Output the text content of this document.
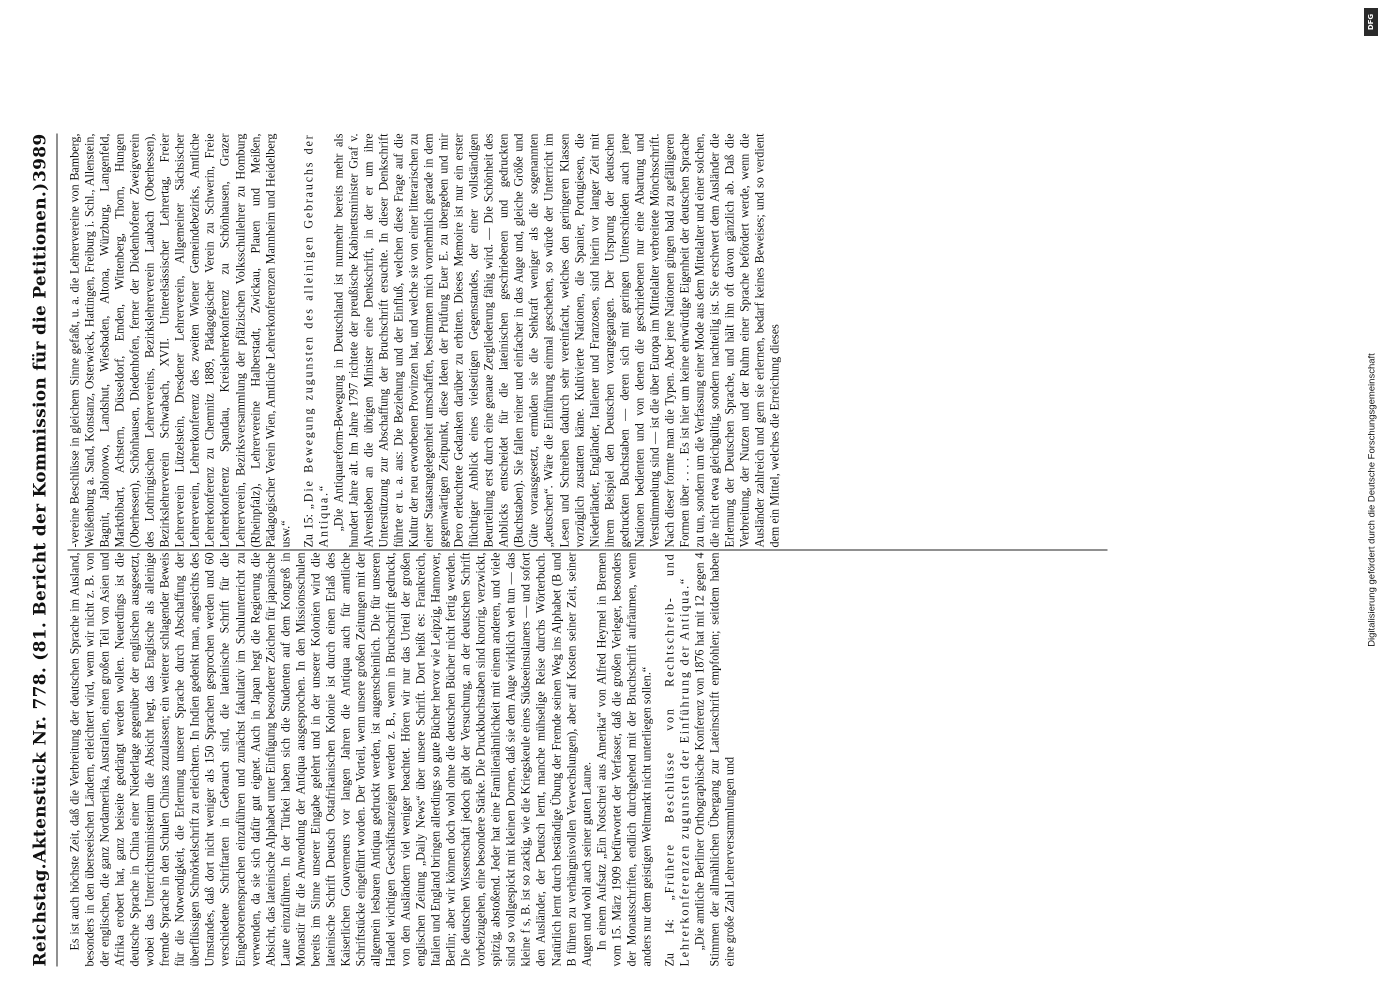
Reichstag.
Aktenstück Nr. 778. (81. Bericht der Kommission für die Petitionen.)
3989

Es ist auch höchste Zeit, daß die Verbreitung der deutschen Sprache im Ausland, besonders in den überseeischen Ländern, erleichtert wird, wenn wir nicht z. B. von der englischen, die ganz Nordamerika, Australien, einen großen Teil von Asien und Afrika erobert hat, ganz beiseite gedrängt werden wollen. Neuerdings ist die deutsche Sprache in China einer Niederlage gegenüber der englischen ausgesetzt, wobei das Unterrichtsministerium die Absicht hegt, das Englische als alleinige fremde Sprache in den Schulen Chinas zuzulassen; ein weiterer schlagender Beweis für die Notwendigkeit, die Erlernung unserer Sprache durch Abschaffung der überflüssigen Schnörkelschrift zu erleichtern. In Indien gedenkt man, angesichts des Umstandes, daß dort nicht weniger als 150 Sprachen gesprochen werden und 60 verschiedene Schriftarten in Gebrauch sind, die lateinische Schrift für die Eingeborenensprachen einzuführen und zunächst fakultativ im Schulunterricht zu verwenden, da sie sich dafür gut eignet. Auch in Japan hegt die Regierung die Absicht, das lateinische Alphabet unter Einfügung besonderer Zeichen für japanische Laute einzuführen. In der Türkei haben sich die Studenten auf dem Kongreß in Monastir für die Anwendung der Antiqua ausgesprochen. In den Missionsschulen bereits im Sinne unserer Eingabe gelehrt und in der unserer Kolonien wird die lateinische Schrift Deutsch Ostafrikanischen Kolonie ist durch einen Erlaß des Kaiserlichen Gouverneurs vor langen Jahren die Antiqua auch für amtliche Schriftstücke eingeführt worden. Der Vorteil, wenn unsere großen Zeitungen mit der allgemein lesbaren Antiqua gedruckt werden, ist augenscheinlich. Die für unseren Handel wichtigen Geschäftsanzeigen werden z. B., wenn in Bruchschrift gedruckt, von den Ausländern viel weniger beachtet. Hören wir nur das Urteil der großen englischen Zeitung „Daily News“ über unsere Schrift. Dort heißt es: Frankreich, Italien und England bringen allerdings so gute Bücher hervor wie Leipzig, Hannover, Berlin; aber wir können doch wohl ohne die deutschen Bücher nicht fertig werden. Die deutschen Wissenschaft jedoch gibt der Versuchung, an der deutschen Schrift vorbeizugehen, eine besondere Stärke. Die Druckbuchstaben sind knorrig, verzwickt, spitzig, abstoßend. Jeder hat eine Familienähnlichkeit mit einem anderen, und viele sind so vollgespickt mit kleinen Dornen, daß sie dem Auge wirklich weh tun — das kleine f s, B. ist so zackig, wie die Kriegskeule eines Südseeinsulaners — und sofort den Ausländer, der Deutsch lernt, manche mühselige Reise durchs Wörterbuch. Natürlich lernt durch beständige Übung der Fremde seinen Weg ins Alphabet (B und B führen zu verhängnisvollen Verwechslungen), aber auf Kosten seiner Zeit, seiner Augen und wohl auch seiner guten Laune. In einem Aufsatz „Ein Notschrei aus Amerika“ von Alfred Heymel in Bremen vom 15. März 1909 befürwortet der Verfasser, daß die großen Verleger, besonders der Monatsschriften, endlich durchgehend mit der Bruchschrift aufräumen, wenn anders nur dem geistigen Weltmarkt nicht unterliegen sollen.“ Zu 14: „Frühere Beschlüsse von Rechtschreib- und Lehrerkonferenzen zugunsten der Einführung der Antiqua.“ „Die amtliche Berliner Orthographische Konferenz von 1876 hat mit 12 gegen 4 Stimmen der allmählichen Übergang zur Lateinschrift empfohlen; seitdem haben eine große Zahl Lehrerversammlungen und

-vereine Beschlüsse in gleichem Sinne gefaßt, u. a. die Lehrervereine von Bamberg, Weißenburg a. Sand, Konstanz, Osterwieck, Hattingen, Freiburg i. Schl., Allenstein, Bagnit, Jablonowo, Landshut, Wiesbaden, Altona, Würzburg, Langenfeld, Marktbibart, Achstern, Düsseldorf, Emden, Wittenberg, Thorn, Hungen (Oberhessen), Schönhausen, Diedenhofen, ferner der Diedenhofener Zweigverein des Lothringischen Lehrervereins, Bezirkslehrerverein Laubach (Oberhessen), Bezirkslehrerverein Schwabach, XVII. Unterelsässischer Lehrertag, Freier Lehrerverein Lützelstein, Dresdener Lehrerverein, Allgemeiner Sächsischer Lehrerverein, Lehrerkonferenz des zweiten Wiener Gemeindebezirks, Amtliche Lehrerkonferenz zu Chemnitz 1889, Pädagogischer Verein zu Schwerin, Freie Lehrerkonferenz Spandau, Kreislehrerkonferenz zu Schönhausen, Grazer Lehrerverein, Bezirksversammlung der pfälzischen Volksschullehrer zu Homburg (Rheinpfalz), Lehrervereine Halberstadt, Zwickau, Plauen und Meißen, Pädagogischer Verein Wien, Amtliche Lehrerkonferenzen Mannheim und Heidelberg usw.“ Zu 15: „Die Bewegung zugunsten des alleinigen Gebrauchs der Antiqua.“ „Die Antiquareform-Bewegung in Deutschland ist nunmehr bereits mehr als hundert Jahre alt. Im Jahre 1797 richtete der preußische Kabinettsminister Graf v. Alvensleben an die übrigen Minister eine Denkschrift, in der er um ihre Unterstützung zur Abschaffung der Bruchschrift ersuchte. In dieser Denkschrift führte er u. a. aus: Die Beziehung und der Einfluß, welchen diese Frage auf die Kultur der neu erworbenen Provinzen hat, und welche sie von einer litterarischen zu einer Staatsangelegenheit umschaffen, bestimmen mich vornehmlich gerade in dem gegenwärtigen Zeitpunkt, diese Ideen der Prüfung Euer E. zu übergeben und mir Dero erleuchtete Gedanken darüber zu erbitten. Dieses Memoire ist nur ein erster flüchtiger Anblick eines vielseitigen Gegenstandes, der einer vollständigen Beurteilung erst durch eine genaue Zergliederung fähig wird. — Die Schönheit des Anblicks entscheidet für die lateinischen geschriebenen und gedruckten (Buchstaben). Sie fallen reiner und einfacher in das Auge und, gleiche Größe und Güte vorausgesetzt, ermüden sie die Sehkraft weniger als die sogenannten „deutschen“. Wäre die Einführung einmal geschehen, so würde der Unterricht im Lesen und Schreiben dadurch sehr vereinfacht, welches den geringeren Klassen vorzüglich zustatten käme. Kultivierte Nationen, die Spanier, Portugiesen, die Niederländer, Engländer, Italiener und Franzosen, sind hierin vor langer Zeit mit ihrem Beispiel den Deutschen vorangegangen. Der Ursprung der deutschen gedruckten Buchstaben — deren sich mit geringen Unterschieden auch jene Nationen bedienten und von denen die geschriebenen nur eine Abartung und Verstümmelung sind — ist die über Europa im Mittelalter verbreitete Mönchsschrift. Nach dieser formte man die Typen. Aber jene Nationen gingen bald zu gefälligeren Formen über . . . . Es ist hier um keine ehrwürdige Eigenheit der deutschen Sprache zu tun, sondern um die Verfassung einer Mode aus dem Mittelalter und einer solchen, die nicht etwa gleichgültig, sondern nachteilig ist. Sie erschwert dem Ausländer die Erlernung der Deutschen Sprache, und hält ihn oft davon gänzlich ab. Daß die Verbreitung, der Nutzen und der Ruhm einer Sprache befördert werde, wenn die Ausländer zahlreich und gern sie erlernen, bedarf keines Beweises; und so verdient dem ein Mittel, welches die Erreichung dieses

DFG
Digitalisierung gefördert durch die Deutsche Forschungsgemeinschaft
